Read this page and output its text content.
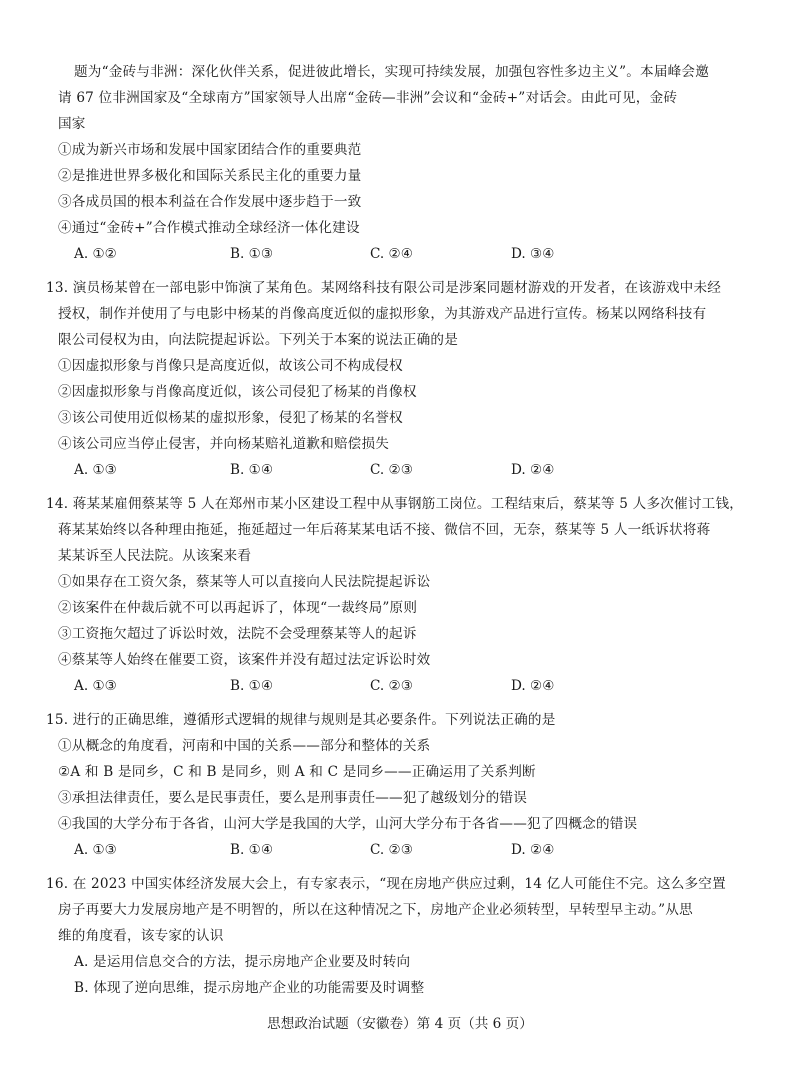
题为“金砖与非洲：深化伙伴关系，促进彼此增长，实现可持续发展，加强包容性多边主义”。本届峰会邀
请 67 位非洲国家及“全球南方”国家领导人出席“金砖—非洲”会议和“金砖+”对话会。由此可见，金砖
国家
①成为新兴市场和发展中国家团结合作的重要典范
②是推进世界多极化和国际关系民主化的重要力量
③各成员国的根本利益在合作发展中逐步趋于一致
④通过“金砖+”合作模式推动全球经济一体化建设
A. ①②	B. ①③	C. ②④	D. ③④
13. 演员杨某曾在一部电影中饰演了某角色。某网络科技有限公司是涉案同题材游戏的开发者，在该游戏中未经
授权，制作并使用了与电影中杨某的肖像高度近似的虚拟形象，为其游戏产品进行宣传。杨某以网络科技有
限公司侵权为由，向法院提起诉讼。下列关于本案的说法正确的是
①因虚拟形象与肖像只是高度近似，故该公司不构成侵权
②因虚拟形象与肖像高度近似，该公司侵犯了杨某的肖像权
③该公司使用近似杨某的虚拟形象，侵犯了杨某的名誉权
④该公司应当停止侵害，并向杨某赔礼道歉和赔偿损失
A. ①③	B. ①④	C. ②③	D. ②④
14. 蒋某某雇佣蔡某等 5 人在郑州市某小区建设工程中从事钢筋工岗位。工程结束后，蔡某等 5 人多次催讨工钱，
蒋某某始终以各种理由拖延，拖延超过一年后蒋某某电话不接、微信不回，无奈，蔡某等 5 人一纸诉状将蒋
某某诉至人民法院。从该案来看
①如果存在工资欠条，蔡某等人可以直接向人民法院提起诉讼
②该案件在仲裁后就不可以再起诉了，体现“一裁终局”原则
③工资拖欠超过了诉讼时效，法院不会受理蔡某等人的起诉
④蔡某等人始终在催要工资，该案件并没有超过法定诉讼时效
A. ①③	B. ①④	C. ②③	D. ②④
15. 进行的正确思维，遵循形式逻辑的规律与规则是其必要条件。下列说法正确的是
①从概念的角度看，河南和中国的关系——部分和整体的关系
②A 和 B 是同乡，C 和 B 是同乡，则 A 和 C 是同乡——正确运用了关系判断
③承担法律责任，要么是民事责任，要么是刑事责任——犯了越级划分的错误
④我国的大学分布于各省，山河大学是我国的大学，山河大学分布于各省——犯了四概念的错误
A. ①③	B. ①④	C. ②③	D. ②④
16. 在 2023 中国实体经济发展大会上，有专家表示，“现在房地产供应过剩，14 亿人可能住不完。这么多空置
房子再要大力发展房地产是不明智的，所以在这种情况之下，房地产企业必须转型，早转型早主动。”从思
维的角度看，该专家的认识
A. 是运用信息交合的方法，提示房地产企业要及时转向
B. 体现了逆向思维，提示房地产企业的功能需要及时调整
思想政治试题（安徽卷）第 4 页（共 6 页）
